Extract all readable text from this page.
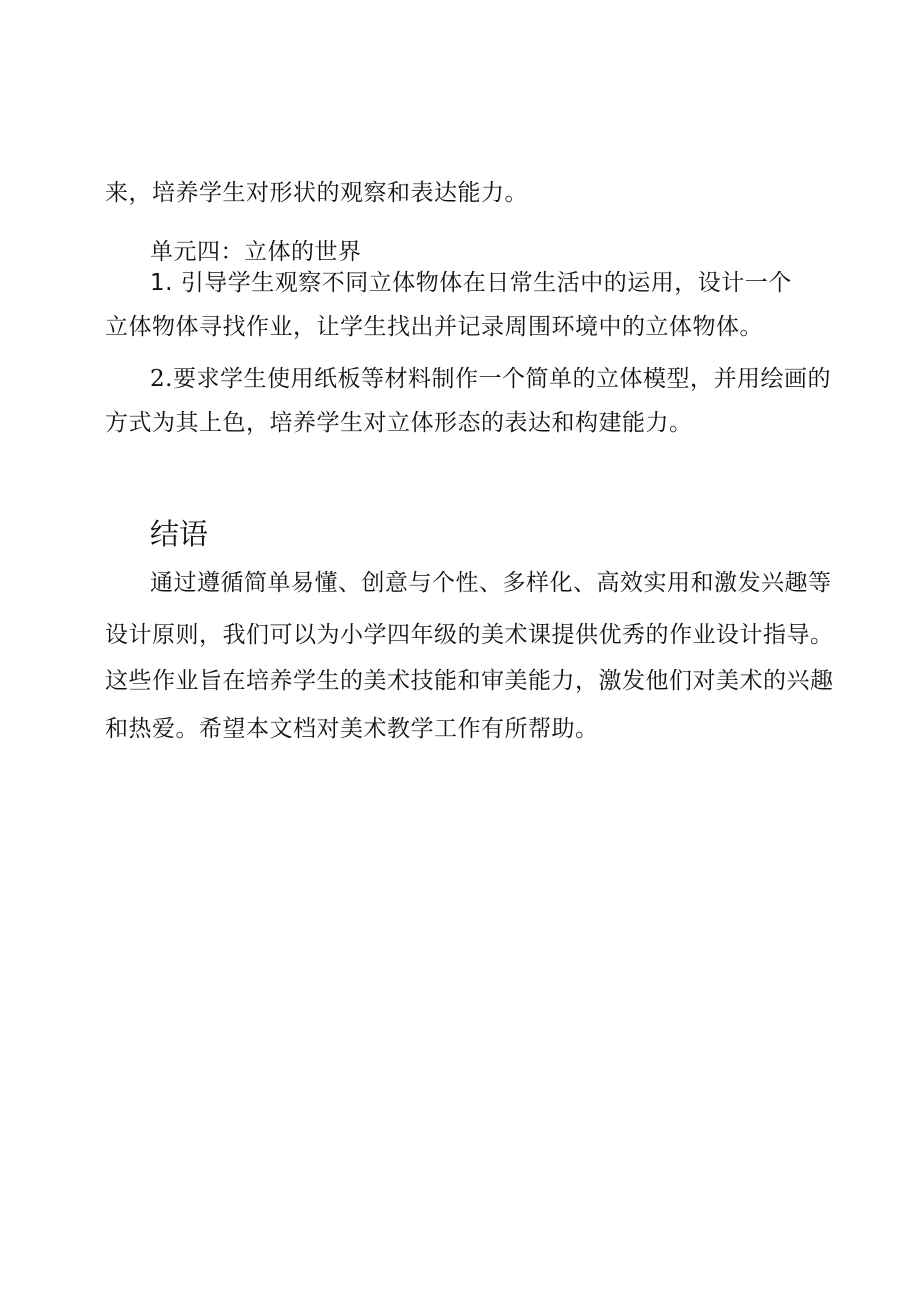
来，培养学生对形状的观察和表达能力。
单元四：立体的世界
1. 引导学生观察不同立体物体在日常生活中的运用，设计一个
立体物体寻找作业，让学生找出并记录周围环境中的立体物体。
2.要求学生使用纸板等材料制作一个简单的立体模型，并用绘画的
方式为其上色，培养学生对立体形态的表达和构建能力。
结语
通过遵循简单易懂、创意与个性、多样化、高效实用和激发兴趣等
设计原则，我们可以为小学四年级的美术课提供优秀的作业设计指导。
这些作业旨在培养学生的美术技能和审美能力，激发他们对美术的兴趣
和热爱。希望本文档对美术教学工作有所帮助。
